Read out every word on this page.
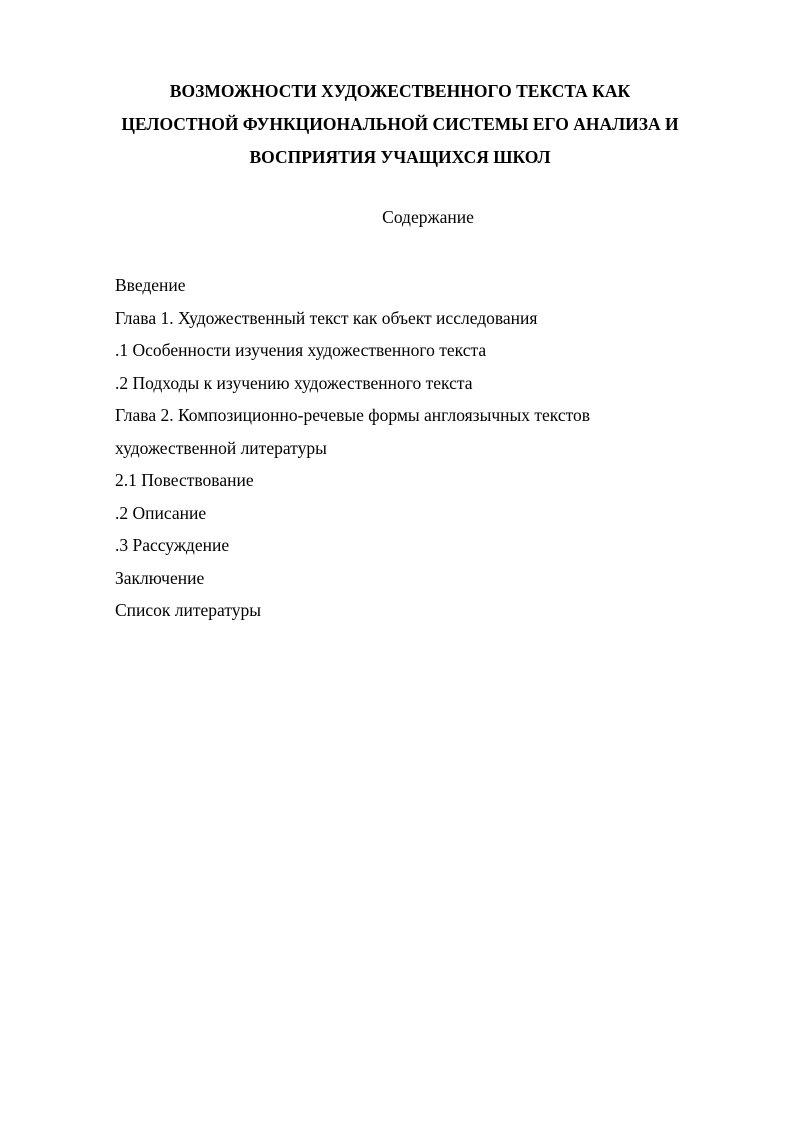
ВОЗМОЖНОСТИ ХУДОЖЕСТВЕННОГО ТЕКСТА КАК
ЦЕЛОСТНОЙ ФУНКЦИОНАЛЬНОЙ СИСТЕМЫ ЕГО АНАЛИЗА И
ВОСПРИЯТИЯ УЧАЩИХСЯ ШКОЛ
Содержание
Введение
Глава 1. Художественный текст как объект исследования
.1 Особенности изучения художественного текста
.2 Подходы к изучению художественного текста
Глава 2. Композиционно-речевые формы англоязычных текстов
художественной литературы
2.1 Повествование
.2 Описание
.3 Рассуждение
Заключение
Список литературы
